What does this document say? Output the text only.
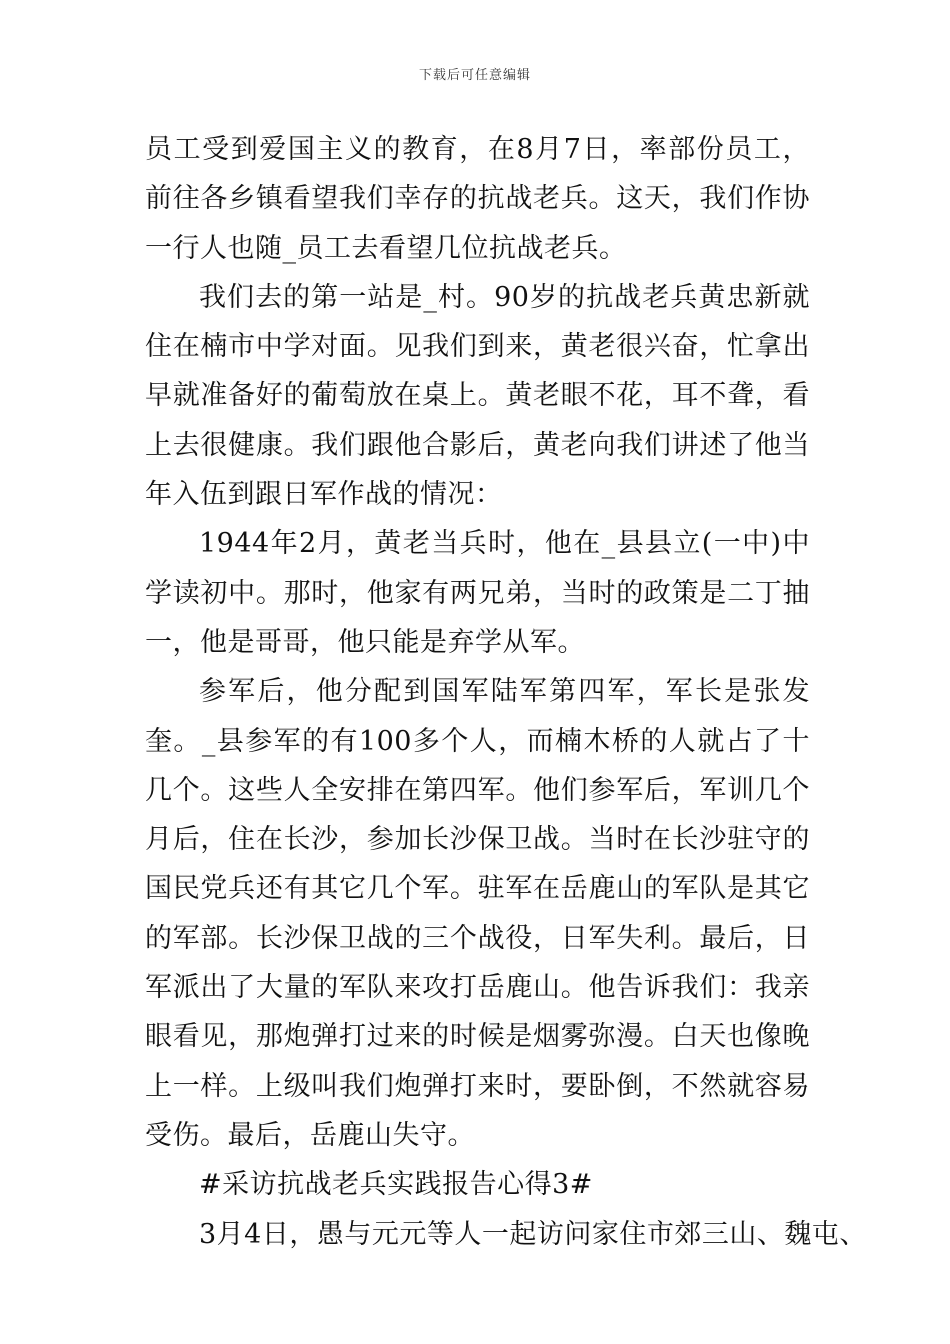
下载后可任意编辑

员工受到爱国主义的教育，在8月7日，率部份员工，前往各乡镇看望我们幸存的抗战老兵。这天，我们作协一行人也随_员工去看望几位抗战老兵。

我们去的第一站是_村。90岁的抗战老兵黄忠新就住在楠市中学对面。见我们到来，黄老很兴奋，忙拿出早就准备好的葡萄放在桌上。黄老眼不花，耳不聋，看上去很健康。我们跟他合影后，黄老向我们讲述了他当年入伍到跟日军作战的情况：

1944年2月，黄老当兵时，他在_县县立(一中)中学读初中。那时，他家有两兄弟，当时的政策是二丁抽一，他是哥哥，他只能是弃学从军。

参军后，他分配到国军陆军第四军，军长是张发奎。_县参军的有100多个人，而楠木桥的人就占了十几个。这些人全安排在第四军。他们参军后，军训几个月后，住在长沙，参加长沙保卫战。当时在长沙驻守的国民党兵还有其它几个军。驻军在岳鹿山的军队是其它的军部。长沙保卫战的三个战役，日军失利。最后，日军派出了大量的军队来攻打岳鹿山。他告诉我们：我亲眼看见，那炮弹打过来的时候是烟雾弥漫。白天也像晚上一样。上级叫我们炮弹打来时，要卧倒，不然就容易受伤。最后，岳鹿山失守。

#采访抗战老兵实践报告心得3#

3月4日，愚与元元等人一起访问家住市郊三山、魏屯、
